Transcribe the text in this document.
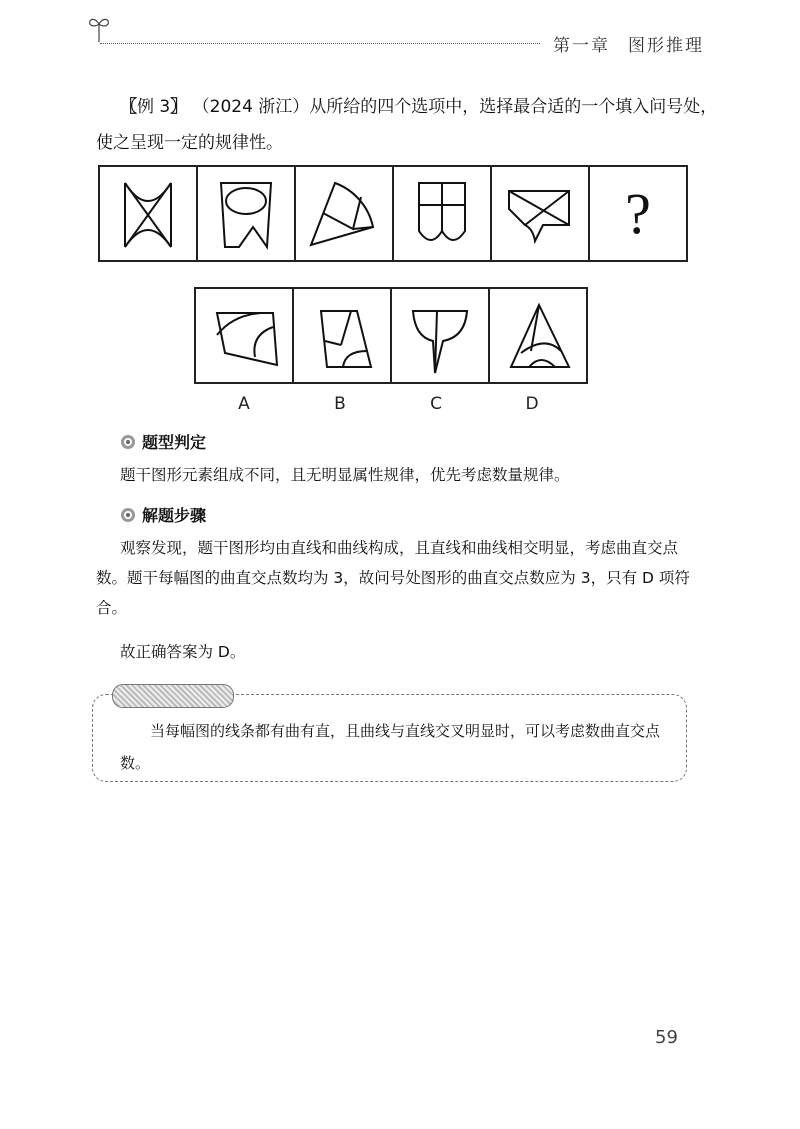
第一章 图形推理
〖例 3〗 （2024 浙江）从所给的四个选项中，选择最合适的一个填入问号处，
使之呈现一定的规律性。
?
A	B	C	D
题型判定
题干图形元素组成不同，且无明显属性规律，优先考虑数量规律。
解题步骤
观察发现，题干图形均由直线和曲线构成，且直线和曲线相交明显，考虑曲直交点数。题干每幅图的曲直交点数均为 3，故问号处图形的曲直交点数应为 3，只有 D 项符合。
故正确答案为 D。
当每幅图的线条都有曲有直，且曲线与直线交叉明显时，可以考虑数曲直交点数。
59
